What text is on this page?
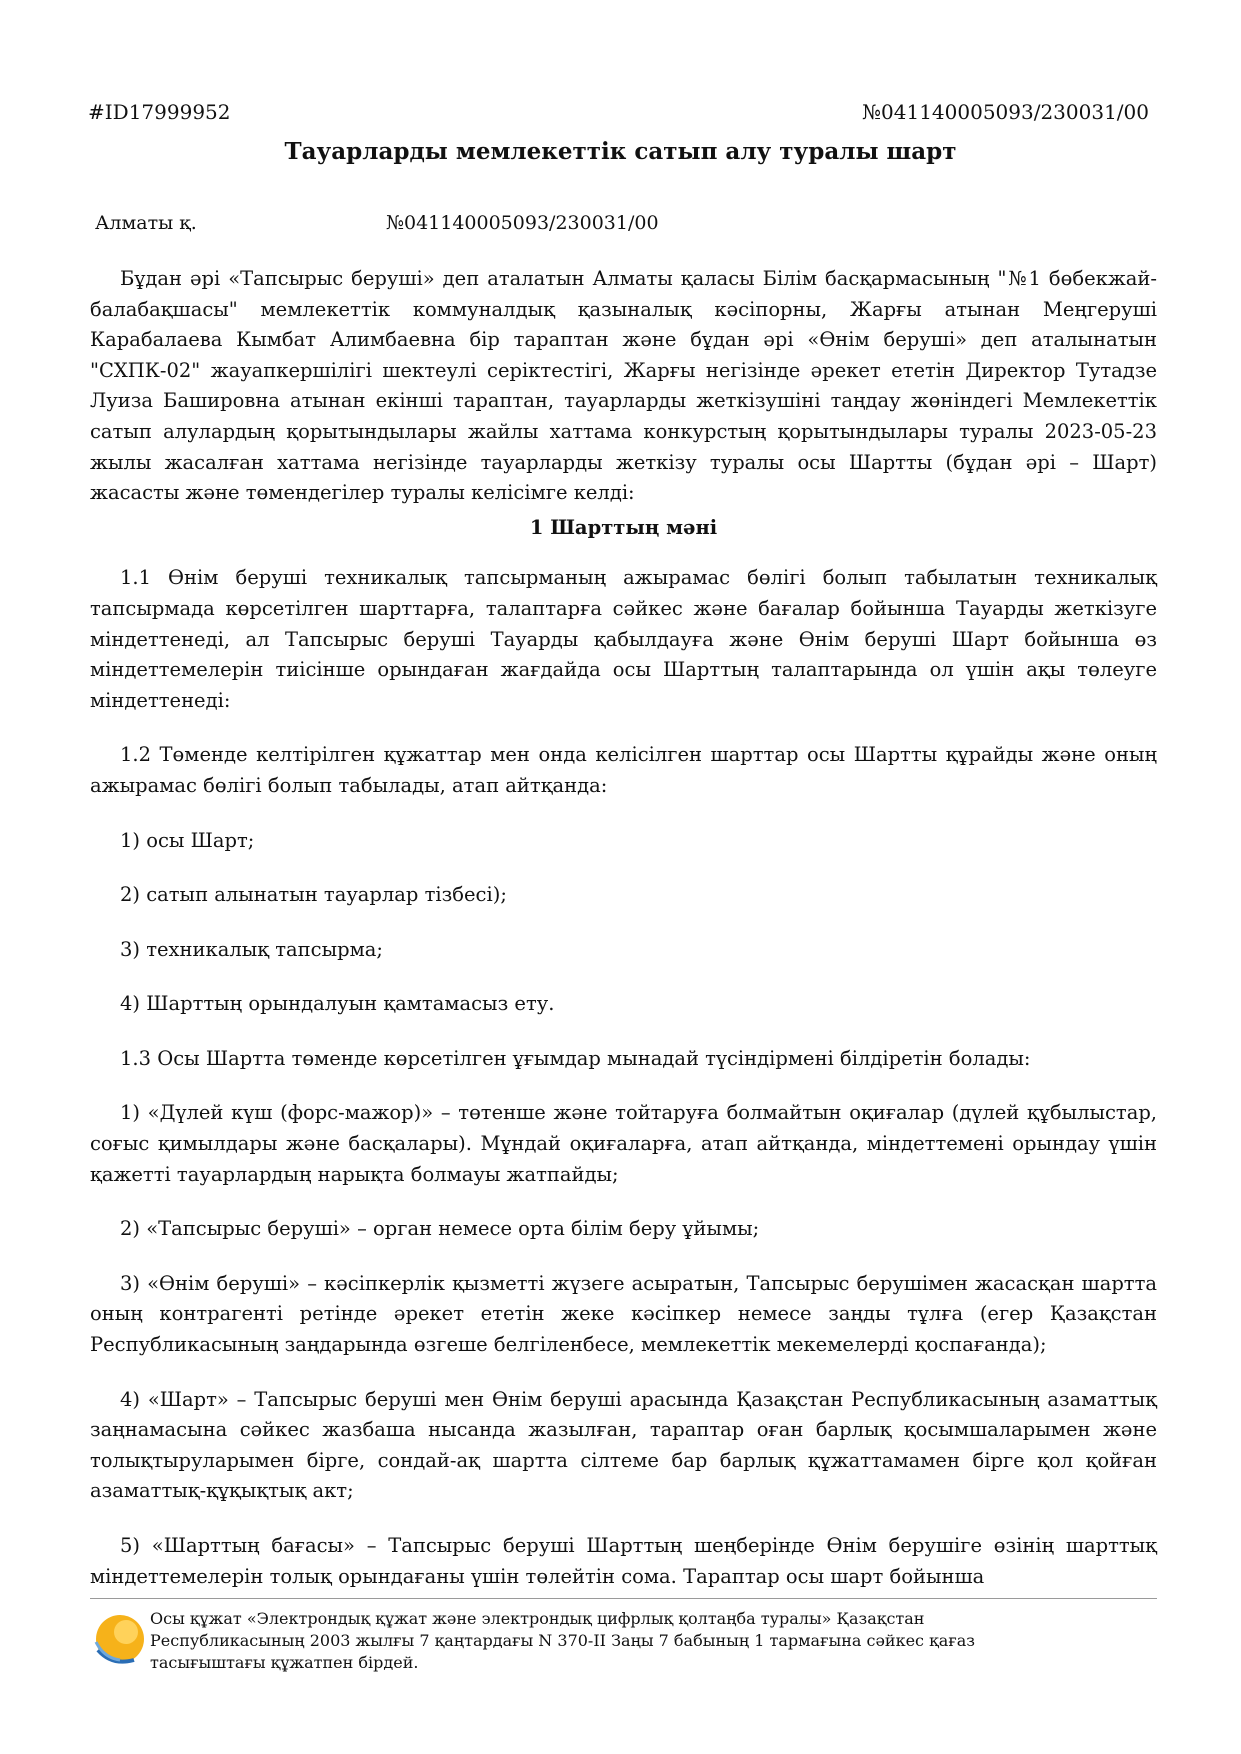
#ID17999952	№041140005093/230031/00
Тауарларды мемлекеттік сатып алу туралы шарт
Алматы қ.	№041140005093/230031/00

Бұдан әрі «Тапсырыс беруші» деп аталатын Алматы қаласы Білім басқармасының "№1 бөбекжай-балабақшасы" мемлекеттік коммуналдық қазыналық кәсіпорны, Жарғы атынан Меңгеруші Карабалаева Кымбат Алимбаевна бір тараптан және бұдан әрі «Өнім беруші» деп аталынатын "СХПК-02" жауапкершілігі шектеулі серіктестігі, Жарғы негізінде әрекет ететін Директор Тутадзе Луиза Башировна атынан екінші тараптан, тауарларды жеткізушіні таңдау жөніндегі Мемлекеттік сатып алулардың қорытындылары жайлы хаттама конкурстың қорытындылары туралы 2023-05-23 жылы жасалған хаттама негізінде тауарларды жеткізу туралы осы Шартты (бұдан әрі – Шарт) жасасты және төмендегілер туралы келісімге келді:

1 Шарттың мәні

1.1 Өнім беруші техникалық тапсырманың ажырамас бөлігі болып табылатын техникалық тапсырмада көрсетілген шарттарға, талаптарға сәйкес және бағалар бойынша Тауарды жеткізуге міндеттенеді, ал Тапсырыс беруші Тауарды қабылдауға және Өнім беруші Шарт бойынша өз міндеттемелерін тиісінше орындаған жағдайда осы Шарттың талаптарында ол үшін ақы төлеуге міндеттенеді:

1.2 Төменде келтірілген құжаттар мен онда келісілген шарттар осы Шартты құрайды және оның ажырамас бөлігі болып табылады, атап айтқанда:

1) осы Шарт;

2) сатып алынатын тауарлар тізбесі);

3) техникалық тапсырма;

4) Шарттың орындалуын қамтамасыз ету.

1.3 Осы Шартта төменде көрсетілген ұғымдар мынадай түсіндірмені білдіретін болады:

1) «Дүлей күш (форс-мажор)» – төтенше және тойтаруға болмайтын оқиғалар (дүлей құбылыстар, соғыс қимылдары және басқалары). Мұндай оқиғаларға, атап айтқанда, міндеттемені орындау үшін қажетті тауарлардың нарықта болмауы жатпайды;

2) «Тапсырыс беруші» – орган немесе орта білім беру ұйымы;

3) «Өнім беруші» – кәсіпкерлік қызметті жүзеге асыратын, Тапсырыс берушімен жасасқан шартта оның контрагенті ретінде әрекет ететін жеке кәсіпкер немесе заңды тұлға (егер Қазақстан Республикасының заңдарында өзгеше белгіленбесе, мемлекеттік мекемелерді қоспағанда);

4) «Шарт» – Тапсырыс беруші мен Өнім беруші арасында Қазақстан Республикасының азаматтық заңнамасына сәйкес жазбаша нысанда жазылған, тараптар оған барлық қосымшаларымен және толықтыруларымен бірге, сондай-ақ шартта сілтеме бар барлық құжаттамамен бірге қол қойған азаматтық-құқықтық акт;

5) «Шарттың бағасы» – Тапсырыс беруші Шарттың шеңберінде Өнім берушіге өзінің шарттық міндеттемелерін толық орындағаны үшін төлейтін сома. Тараптар осы шарт бойынша

Осы құжат «Электрондық құжат және электрондық цифрлық қолтаңба туралы» Қазақстан Республикасының 2003 жылғы 7 қаңтардағы N 370-II Заңы 7 бабының 1 тармағына сәйкес қағаз тасығыштағы құжатпен бірдей.
